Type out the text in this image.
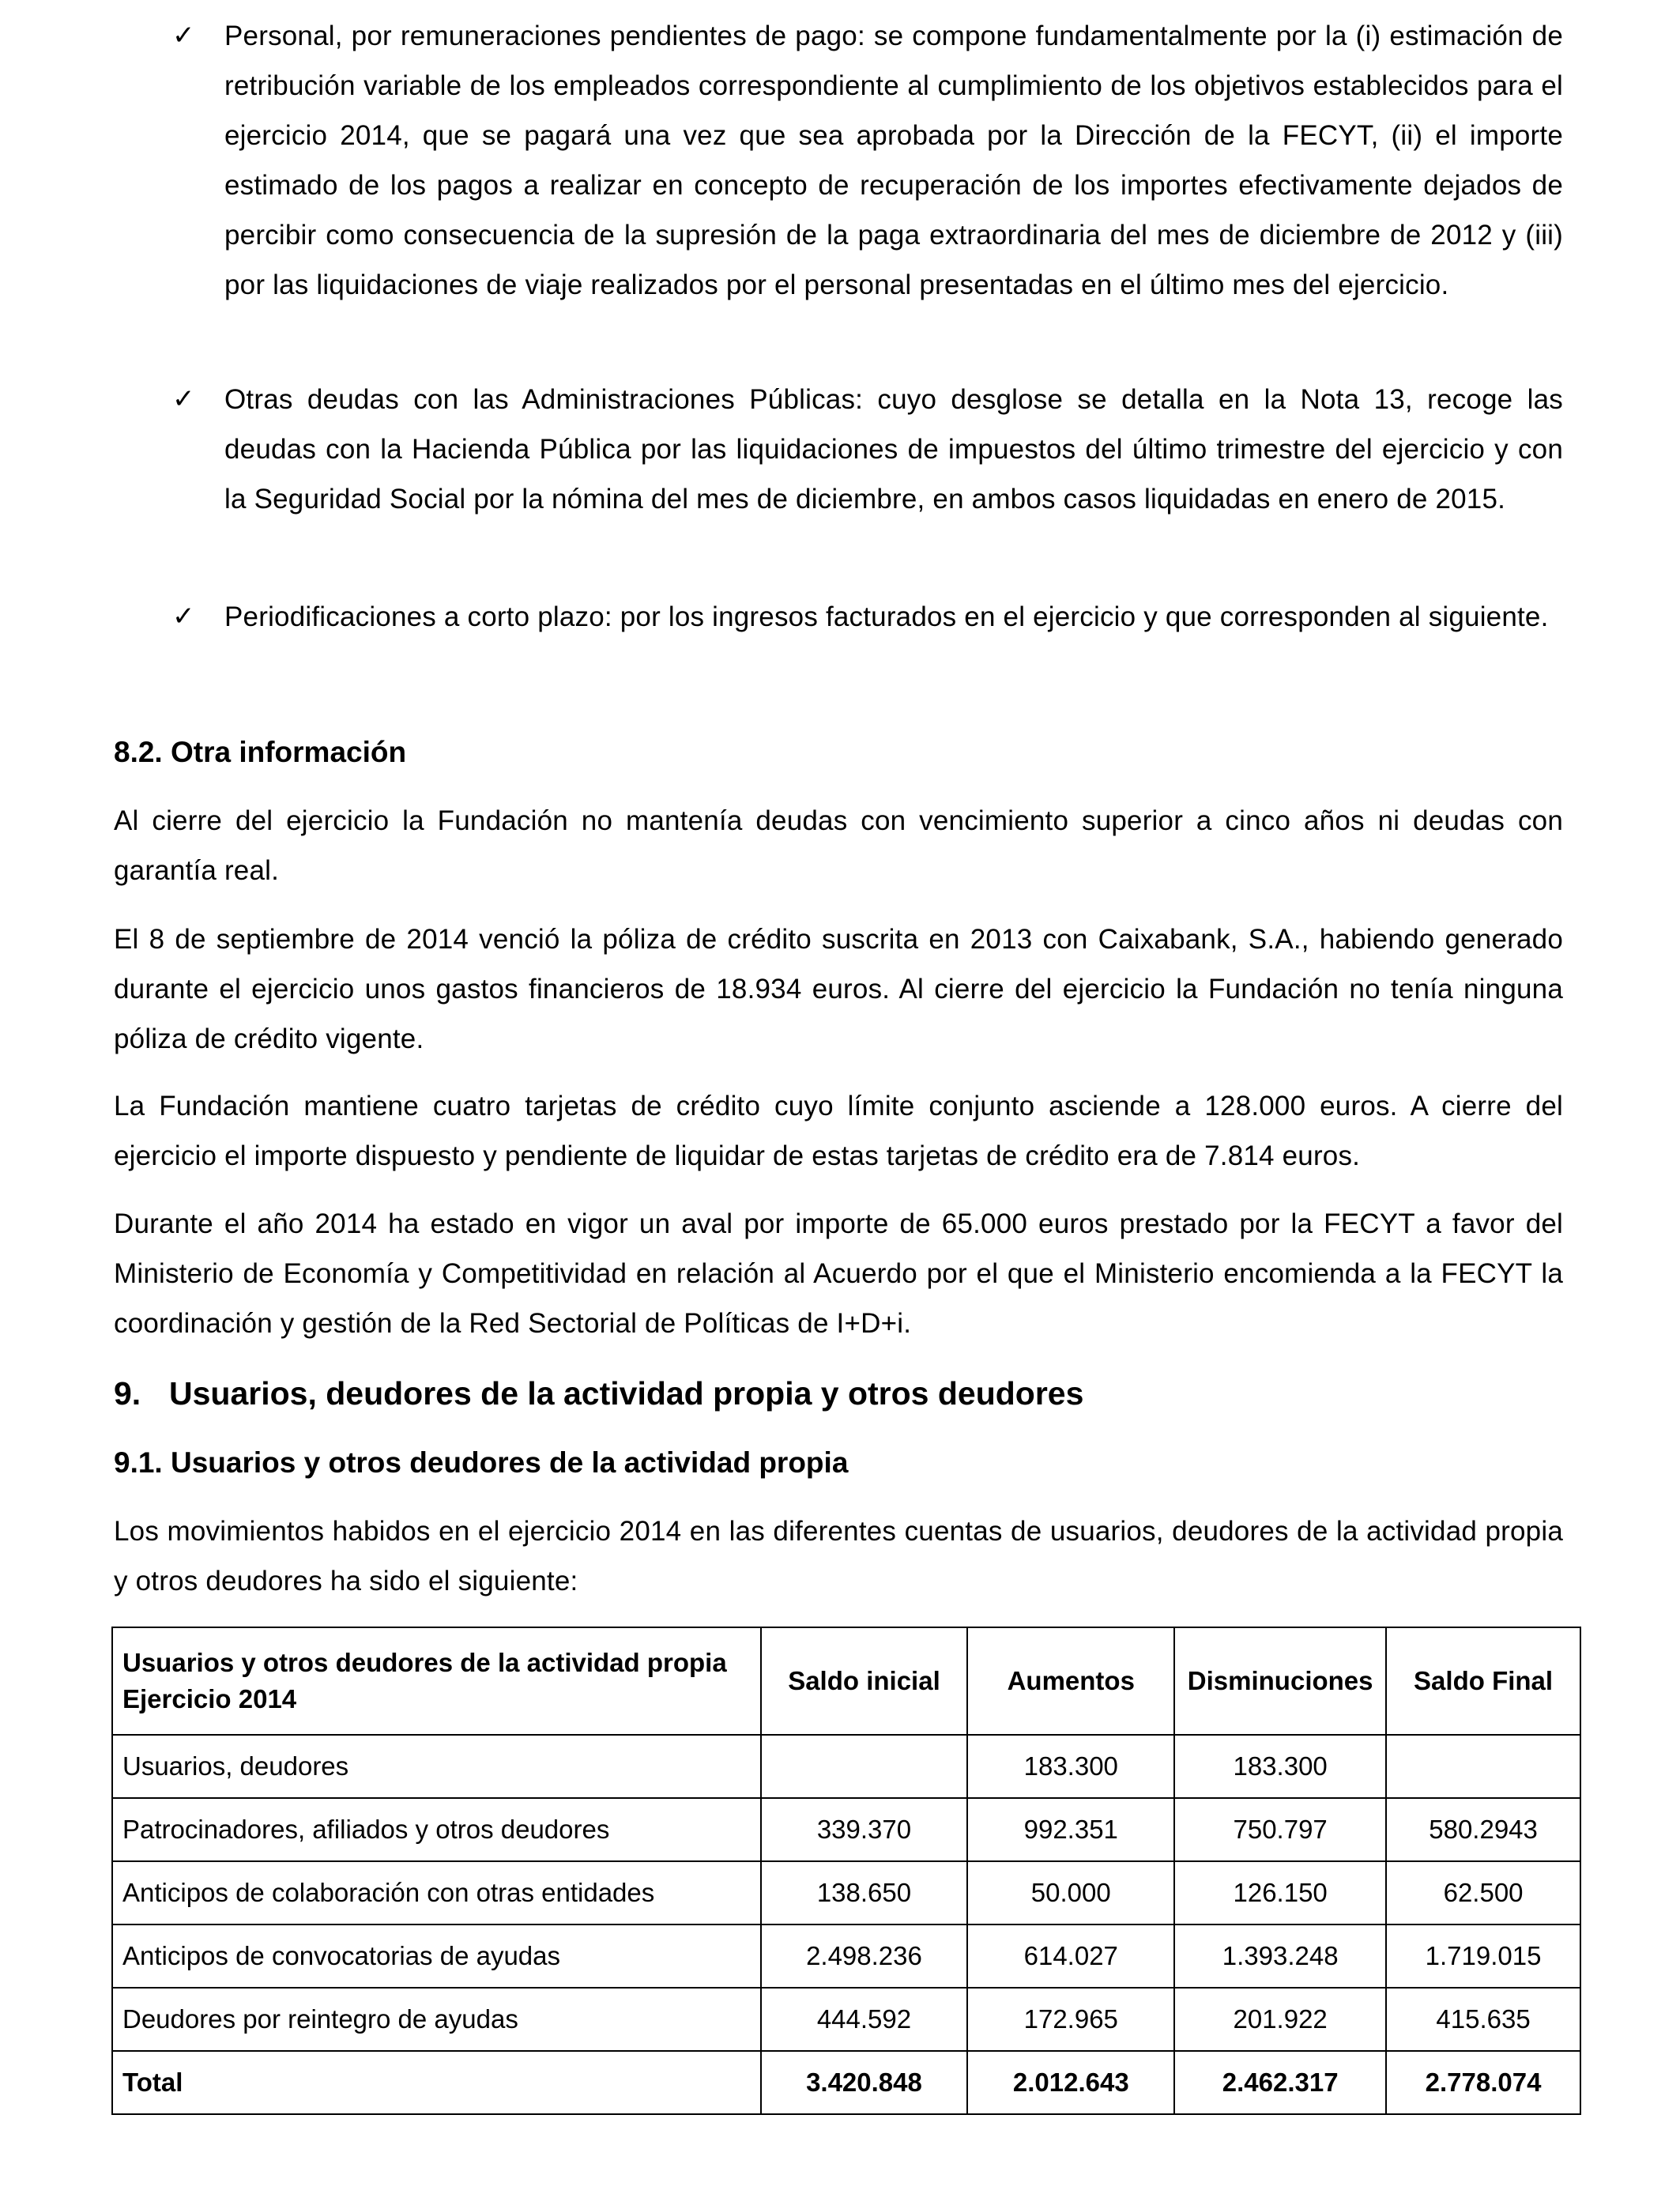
✓ Personal, por remuneraciones pendientes de pago: se compone fundamentalmente por la (i) estimación de retribución variable de los empleados correspondiente al cumplimiento de los objetivos establecidos para el ejercicio 2014, que se pagará una vez que sea aprobada por la Dirección de la FECYT, (ii) el importe estimado de los pagos a realizar en concepto de recuperación de los importes efectivamente dejados de percibir como consecuencia de la supresión de la paga extraordinaria del mes de diciembre de 2012 y (iii) por las liquidaciones de viaje realizados por el personal presentadas en el último mes del ejercicio.
✓ Otras deudas con las Administraciones Públicas: cuyo desglose se detalla en la Nota 13, recoge las deudas con la Hacienda Pública por las liquidaciones de impuestos del último trimestre del ejercicio y con la Seguridad Social por la nómina del mes de diciembre, en ambos casos liquidadas en enero de 2015.
✓ Periodificaciones a corto plazo: por los ingresos facturados en el ejercicio y que corresponden al siguiente.
8.2. Otra información
Al cierre del ejercicio la Fundación no mantenía deudas con vencimiento superior a cinco años ni deudas con garantía real.
El 8 de septiembre de 2014 venció la póliza de crédito suscrita en 2013 con Caixabank, S.A., habiendo generado durante el ejercicio unos gastos financieros de 18.934 euros. Al cierre del ejercicio la Fundación no tenía ninguna póliza de crédito vigente.
La Fundación mantiene cuatro tarjetas de crédito cuyo límite conjunto asciende a 128.000 euros. A cierre del ejercicio el importe dispuesto y pendiente de liquidar de estas tarjetas de crédito era de 7.814 euros.
Durante el año 2014 ha estado en vigor un aval por importe de 65.000 euros prestado por la FECYT a favor del Ministerio de Economía y Competitividad en relación al Acuerdo por el que el Ministerio encomienda a la FECYT la coordinación y gestión de la Red Sectorial de Políticas de I+D+i.
9. Usuarios, deudores de la actividad propia y otros deudores
9.1. Usuarios y otros deudores de la actividad propia
Los movimientos habidos en el ejercicio 2014 en las diferentes cuentas de usuarios, deudores de la actividad propia y otros deudores ha sido el siguiente:
Usuarios y otros deudores de la actividad propia
Ejercicio 2014	Saldo inicial	Aumentos	Disminuciones	Saldo Final
Usuarios, deudores		183.300	183.300	
Patrocinadores, afiliados y otros deudores	339.370	992.351	750.797	580.2943
Anticipos de colaboración con otras entidades	138.650	50.000	126.150	62.500
Anticipos de convocatorias de ayudas	2.498.236	614.027	1.393.248	1.719.015
Deudores por reintegro de ayudas	444.592	172.965	201.922	415.635
Total	3.420.848	2.012.643	2.462.317	2.778.074
